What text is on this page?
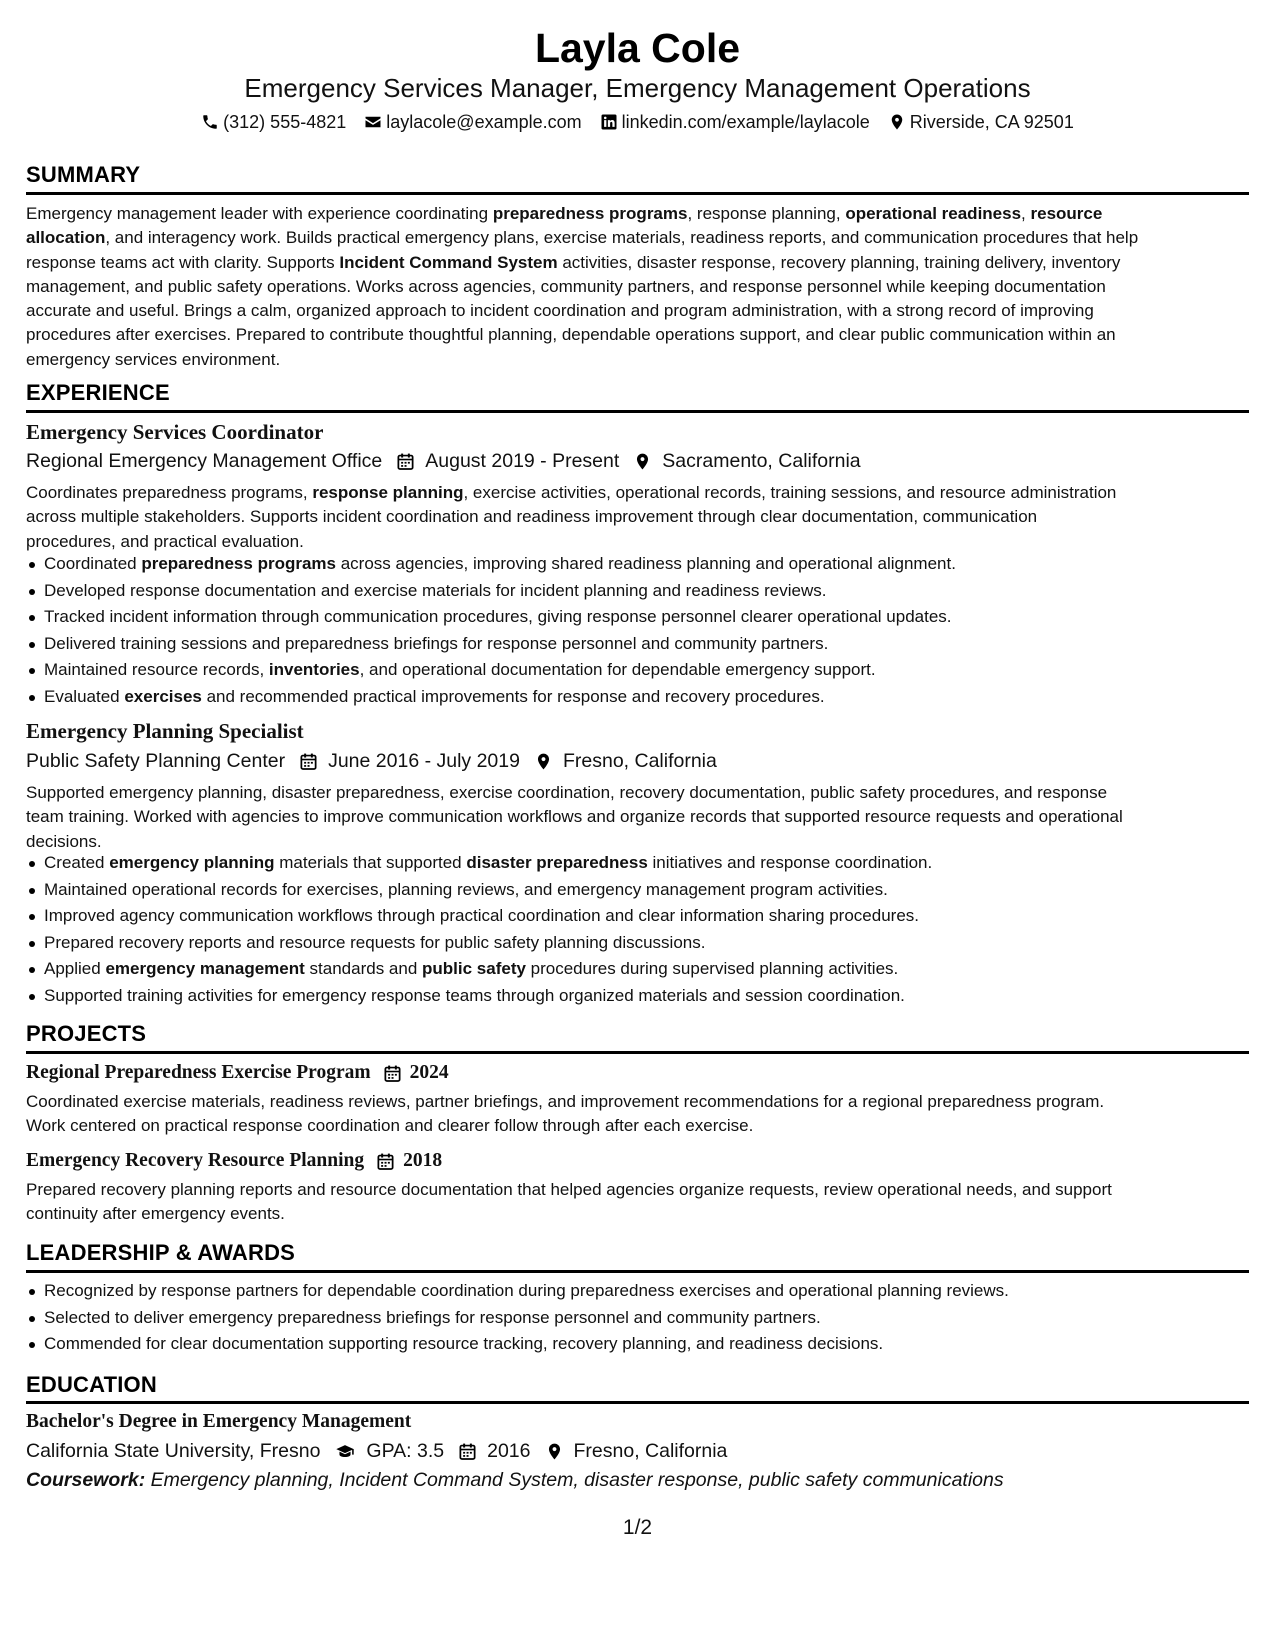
Layla Cole
Emergency Services Manager, Emergency Management Operations
(312) 555-4821 laylacole@example.com linkedin.com/example/laylacole Riverside, CA 92501
SUMMARY
Emergency management leader with experience coordinating preparedness programs, response planning, operational readiness, resource
allocation, and interagency work. Builds practical emergency plans, exercise materials, readiness reports, and communication procedures that help
response teams act with clarity. Supports Incident Command System activities, disaster response, recovery planning, training delivery, inventory
management, and public safety operations. Works across agencies, community partners, and response personnel while keeping documentation
accurate and useful. Brings a calm, organized approach to incident coordination and program administration, with a strong record of improving
procedures after exercises. Prepared to contribute thoughtful planning, dependable operations support, and clear public communication within an
emergency services environment.
EXPERIENCE
Emergency Services Coordinator
Regional Emergency Management Office August 2019 - Present Sacramento, California
Coordinates preparedness programs, response planning, exercise activities, operational records, training sessions, and resource administration
across multiple stakeholders. Supports incident coordination and readiness improvement through clear documentation, communication
procedures, and practical evaluation.
Coordinated preparedness programs across agencies, improving shared readiness planning and operational alignment.
Developed response documentation and exercise materials for incident planning and readiness reviews.
Tracked incident information through communication procedures, giving response personnel clearer operational updates.
Delivered training sessions and preparedness briefings for response personnel and community partners.
Maintained resource records, inventories, and operational documentation for dependable emergency support.
Evaluated exercises and recommended practical improvements for response and recovery procedures.
Emergency Planning Specialist
Public Safety Planning Center June 2016 - July 2019 Fresno, California
Supported emergency planning, disaster preparedness, exercise coordination, recovery documentation, public safety procedures, and response
team training. Worked with agencies to improve communication workflows and organize records that supported resource requests and operational
decisions.
Created emergency planning materials that supported disaster preparedness initiatives and response coordination.
Maintained operational records for exercises, planning reviews, and emergency management program activities.
Improved agency communication workflows through practical coordination and clear information sharing procedures.
Prepared recovery reports and resource requests for public safety planning discussions.
Applied emergency management standards and public safety procedures during supervised planning activities.
Supported training activities for emergency response teams through organized materials and session coordination.
PROJECTS
Regional Preparedness Exercise Program 2024
Coordinated exercise materials, readiness reviews, partner briefings, and improvement recommendations for a regional preparedness program.
Work centered on practical response coordination and clearer follow through after each exercise.
Emergency Recovery Resource Planning 2018
Prepared recovery planning reports and resource documentation that helped agencies organize requests, review operational needs, and support
continuity after emergency events.
LEADERSHIP & AWARDS
Recognized by response partners for dependable coordination during preparedness exercises and operational planning reviews.
Selected to deliver emergency preparedness briefings for response personnel and community partners.
Commended for clear documentation supporting resource tracking, recovery planning, and readiness decisions.
EDUCATION
Bachelor's Degree in Emergency Management
California State University, Fresno GPA: 3.5 2016 Fresno, California
Coursework: Emergency planning, Incident Command System, disaster response, public safety communications
1/2
